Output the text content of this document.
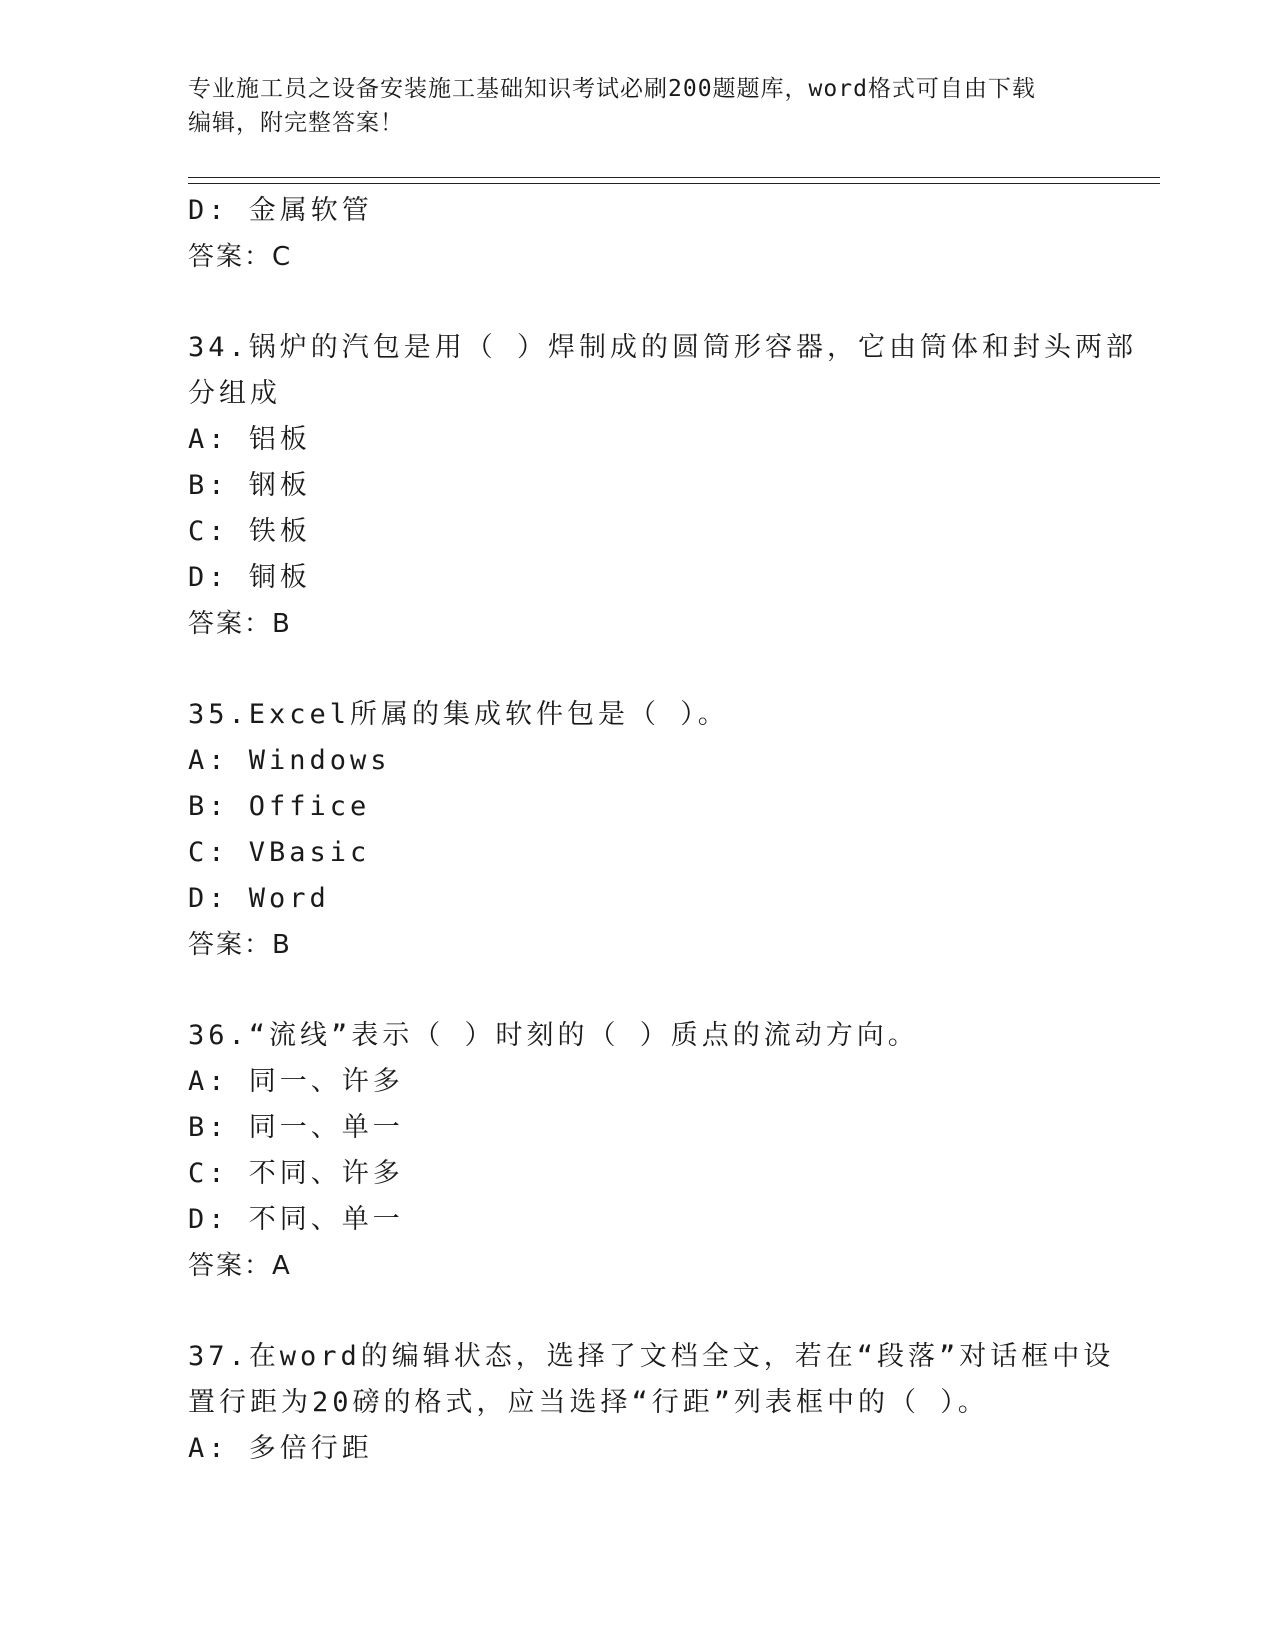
专业施工员之设备安装施工基础知识考试必刷200题题库，word格式可自由下载
编辑，附完整答案！
D: 金属软管
答案：C
34.锅炉的汽包是用（ ）焊制成的圆筒形容器，它由筒体和封头两部
分组成
A: 铝板
B: 钢板
C: 铁板
D: 铜板
答案：B
35.Excel所属的集成软件包是（ ）。
A: Windows
B: Office
C: VBasic
D: Word
答案：B
36.“流线”表示（ ）时刻的（ ）质点的流动方向。
A: 同一、许多
B: 同一、单一
C: 不同、许多
D: 不同、单一
答案：A
37.在word的编辑状态，选择了文档全文，若在“段落”对话框中设
置行距为20磅的格式，应当选择“行距”列表框中的（ ）。
A: 多倍行距
